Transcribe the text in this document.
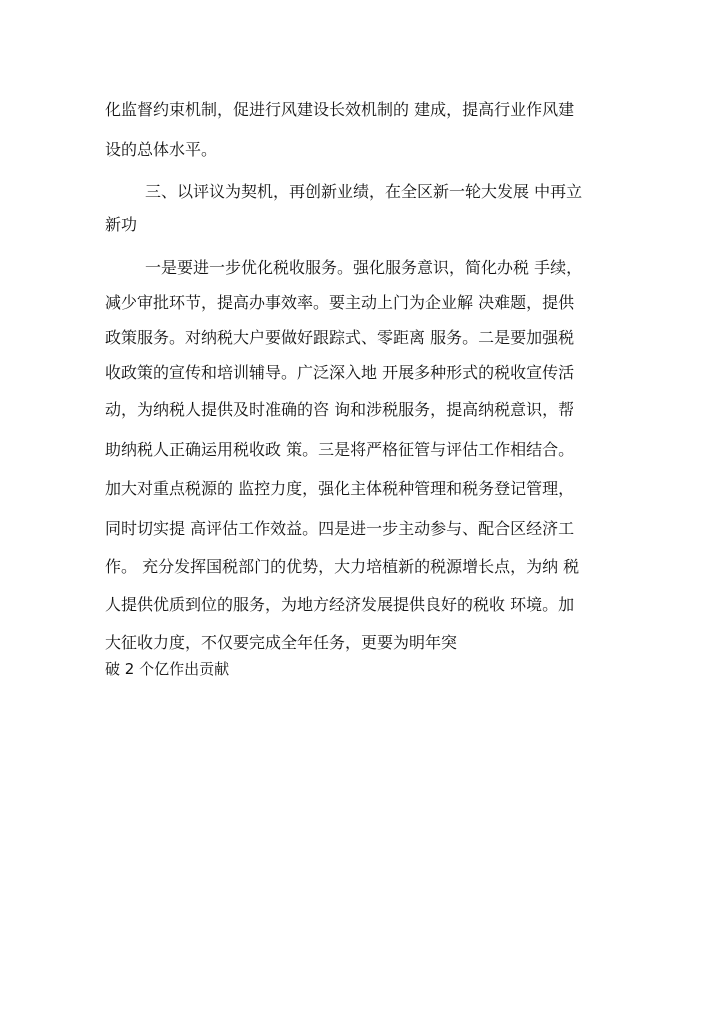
化监督约束机制，促进行风建设长效机制的 建成，提高行业作风建
设的总体水平。
三、以评议为契机，再创新业绩，在全区新一轮大发展 中再立
新功
一是要进一步优化税收服务。强化服务意识，简化办税 手续，
减少审批环节，提高办事效率。要主动上门为企业解 决难题，提供
政策服务。对纳税大户要做好跟踪式、零距离 服务。二是要加强税
收政策的宣传和培训辅导。广泛深入地 开展多种形式的税收宣传活
动，为纳税人提供及时准确的咨 询和涉税服务，提高纳税意识，帮
助纳税人正确运用税收政 策。三是将严格征管与评估工作相结合。
加大对重点税源的 监控力度，强化主体税种管理和税务登记管理，
同时切实提 高评估工作效益。四是进一步主动参与、配合区经济工
作。 充分发挥国税部门的优势，大力培植新的税源增长点，为纳 税
人提供优质到位的服务，为地方经济发展提供良好的税收 环境。加
大征收力度，不仅要完成全年任务，更要为明年突
破 2 个亿作出贡献
